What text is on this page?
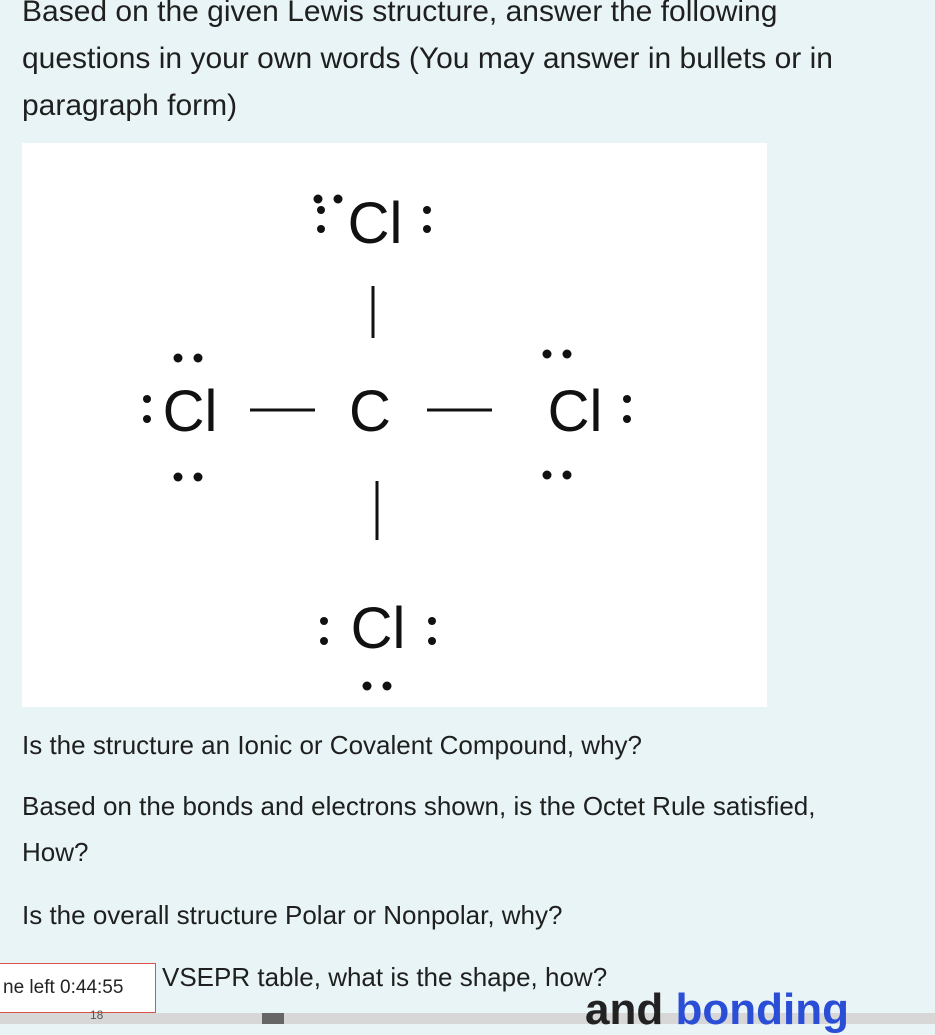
Based on the given Lewis structure, answer the following questions in your own words (You may answer in bullets or in paragraph form)

Cl
Cl C	Cl
Cl

Is the structure an Ionic or Covalent Compound, why?

Based on the bonds and electrons shown, is the Octet Rule satisfied, How?

Is the overall structure Polar or Nonpolar, why?

VSEPR table, what is the shape, how?

ne left 0:44:55
18	and bonding
